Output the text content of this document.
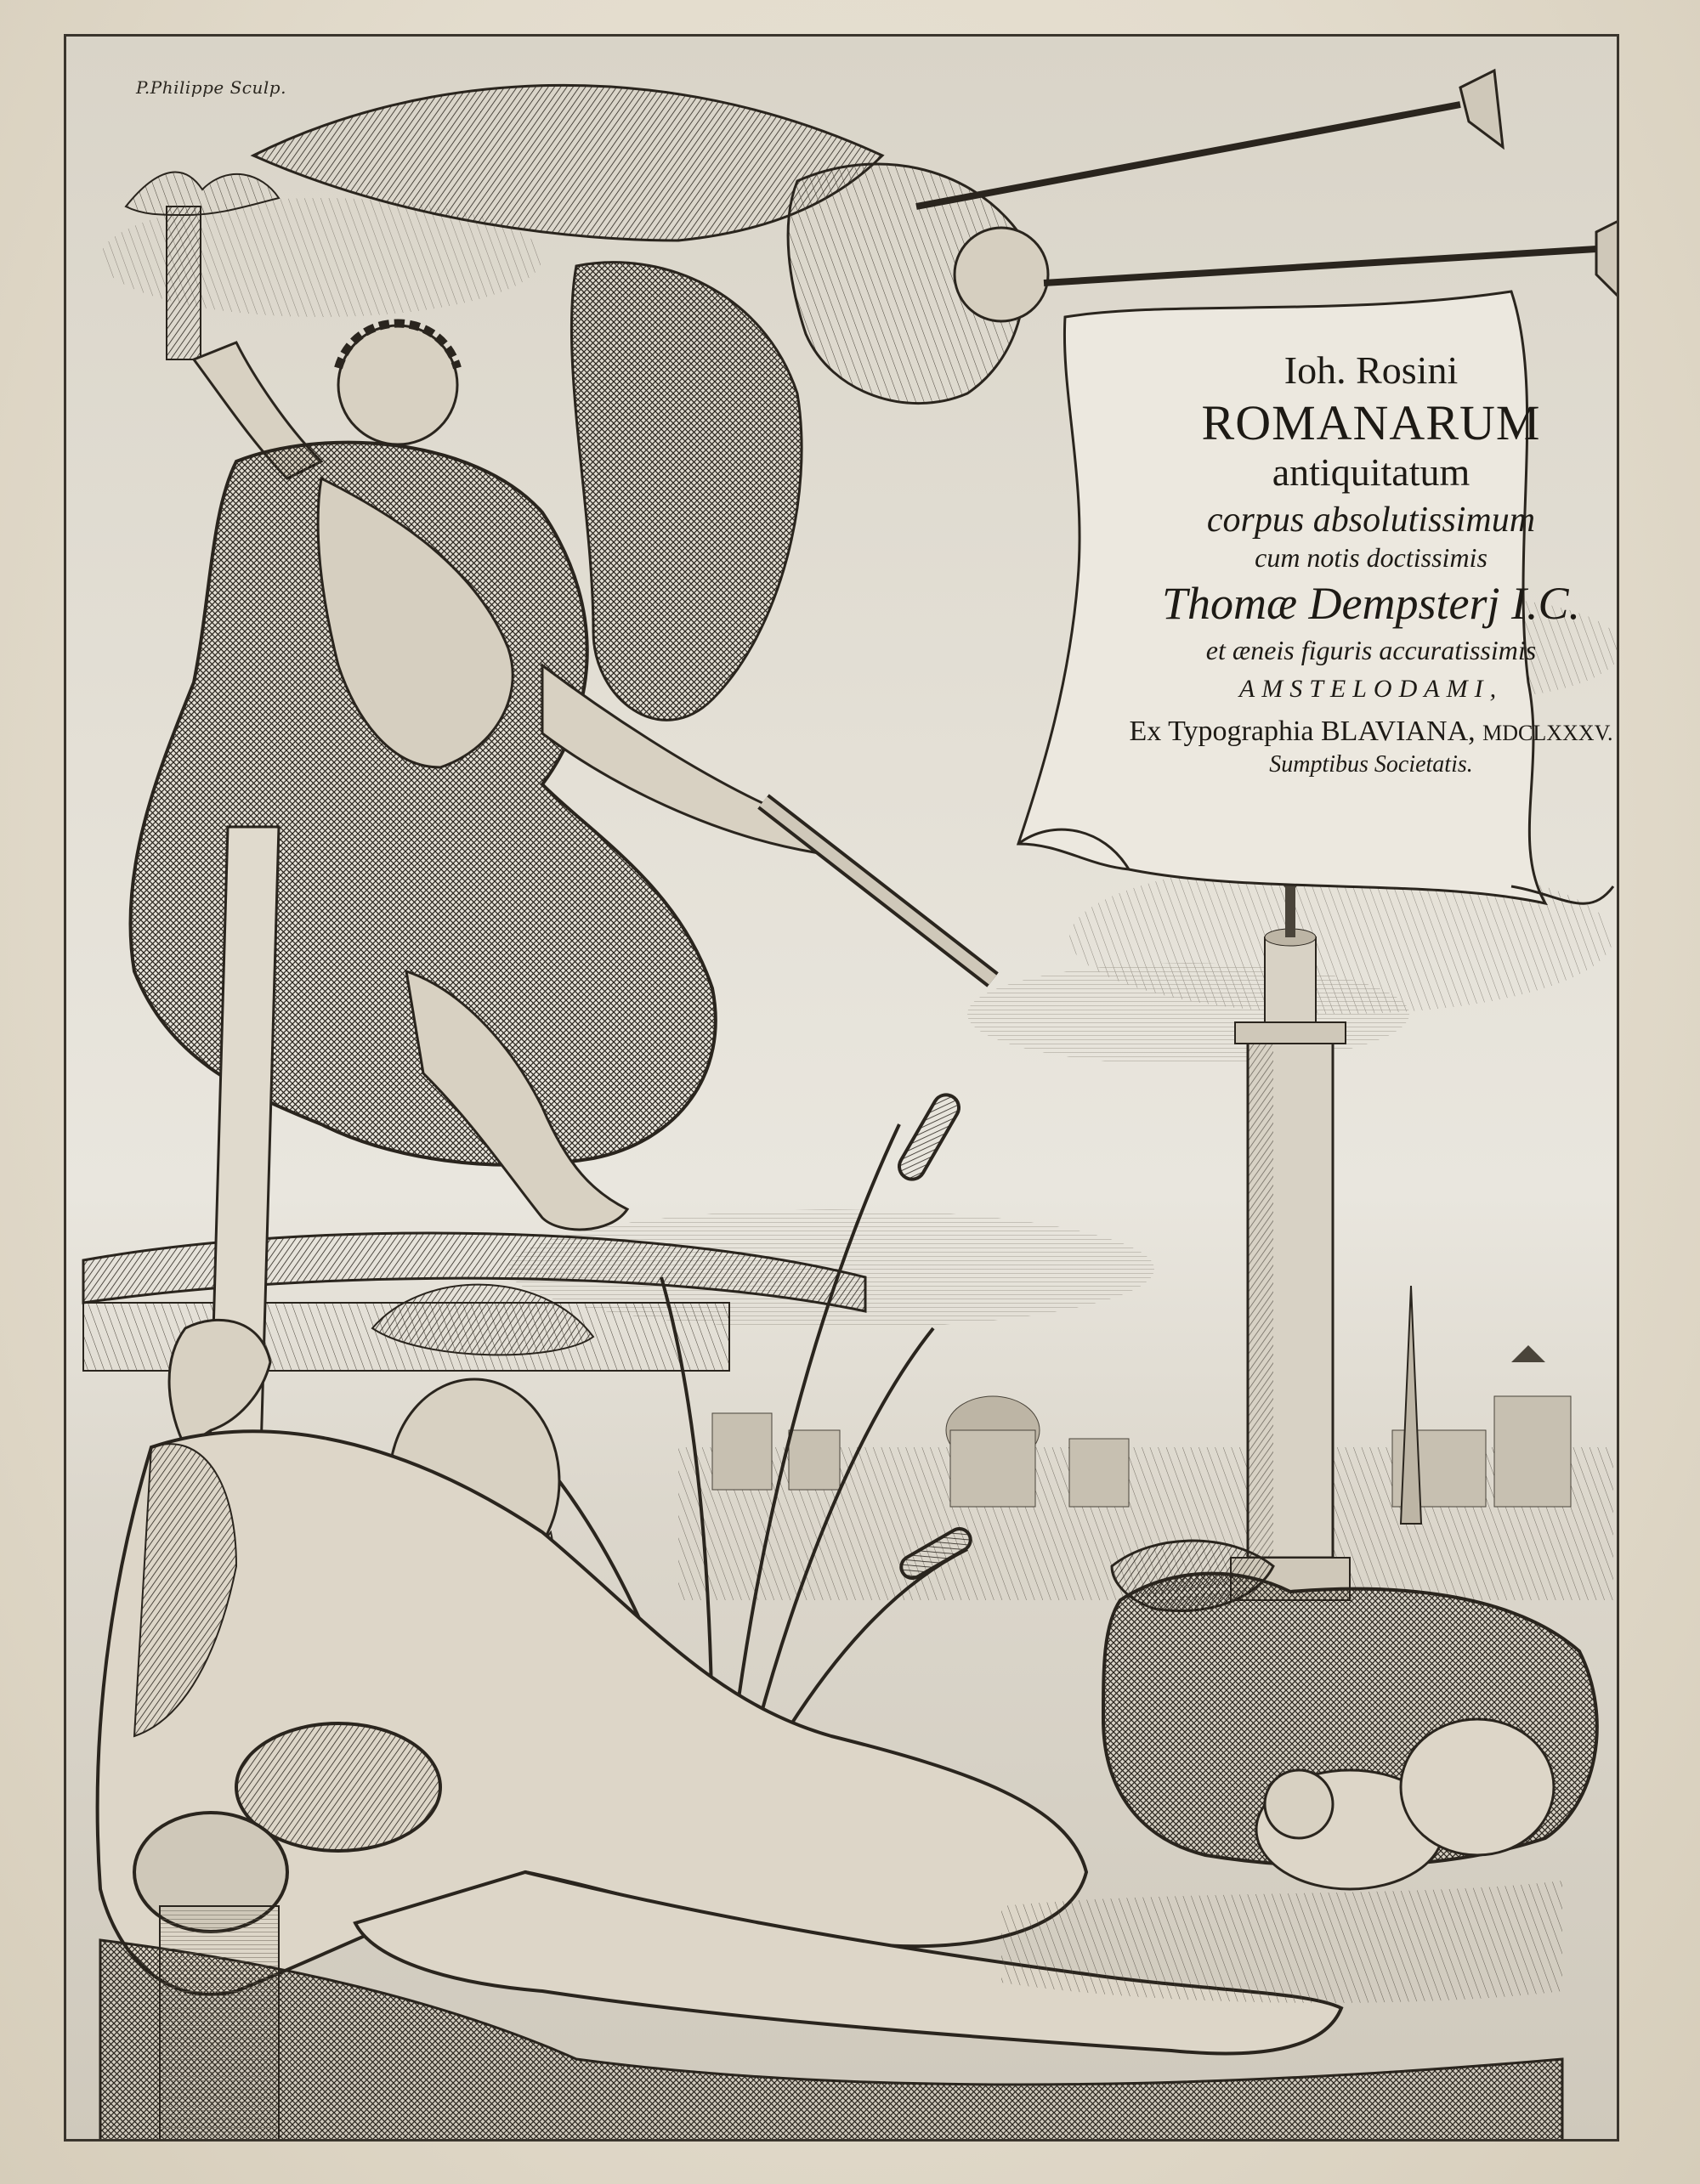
P.Philippe Sculp.
Ioh. Rosini
ROMANARUM
antiquitatum
corpus absolutissimum
cum notis doctissimis
Thomæ Dempsterj I.C.
et æneis figuris accuratissimis
AMSTELODAMI,
Ex Typographia BLAVIANA, MDCLXXXV.
Sumptibus Societatis.
